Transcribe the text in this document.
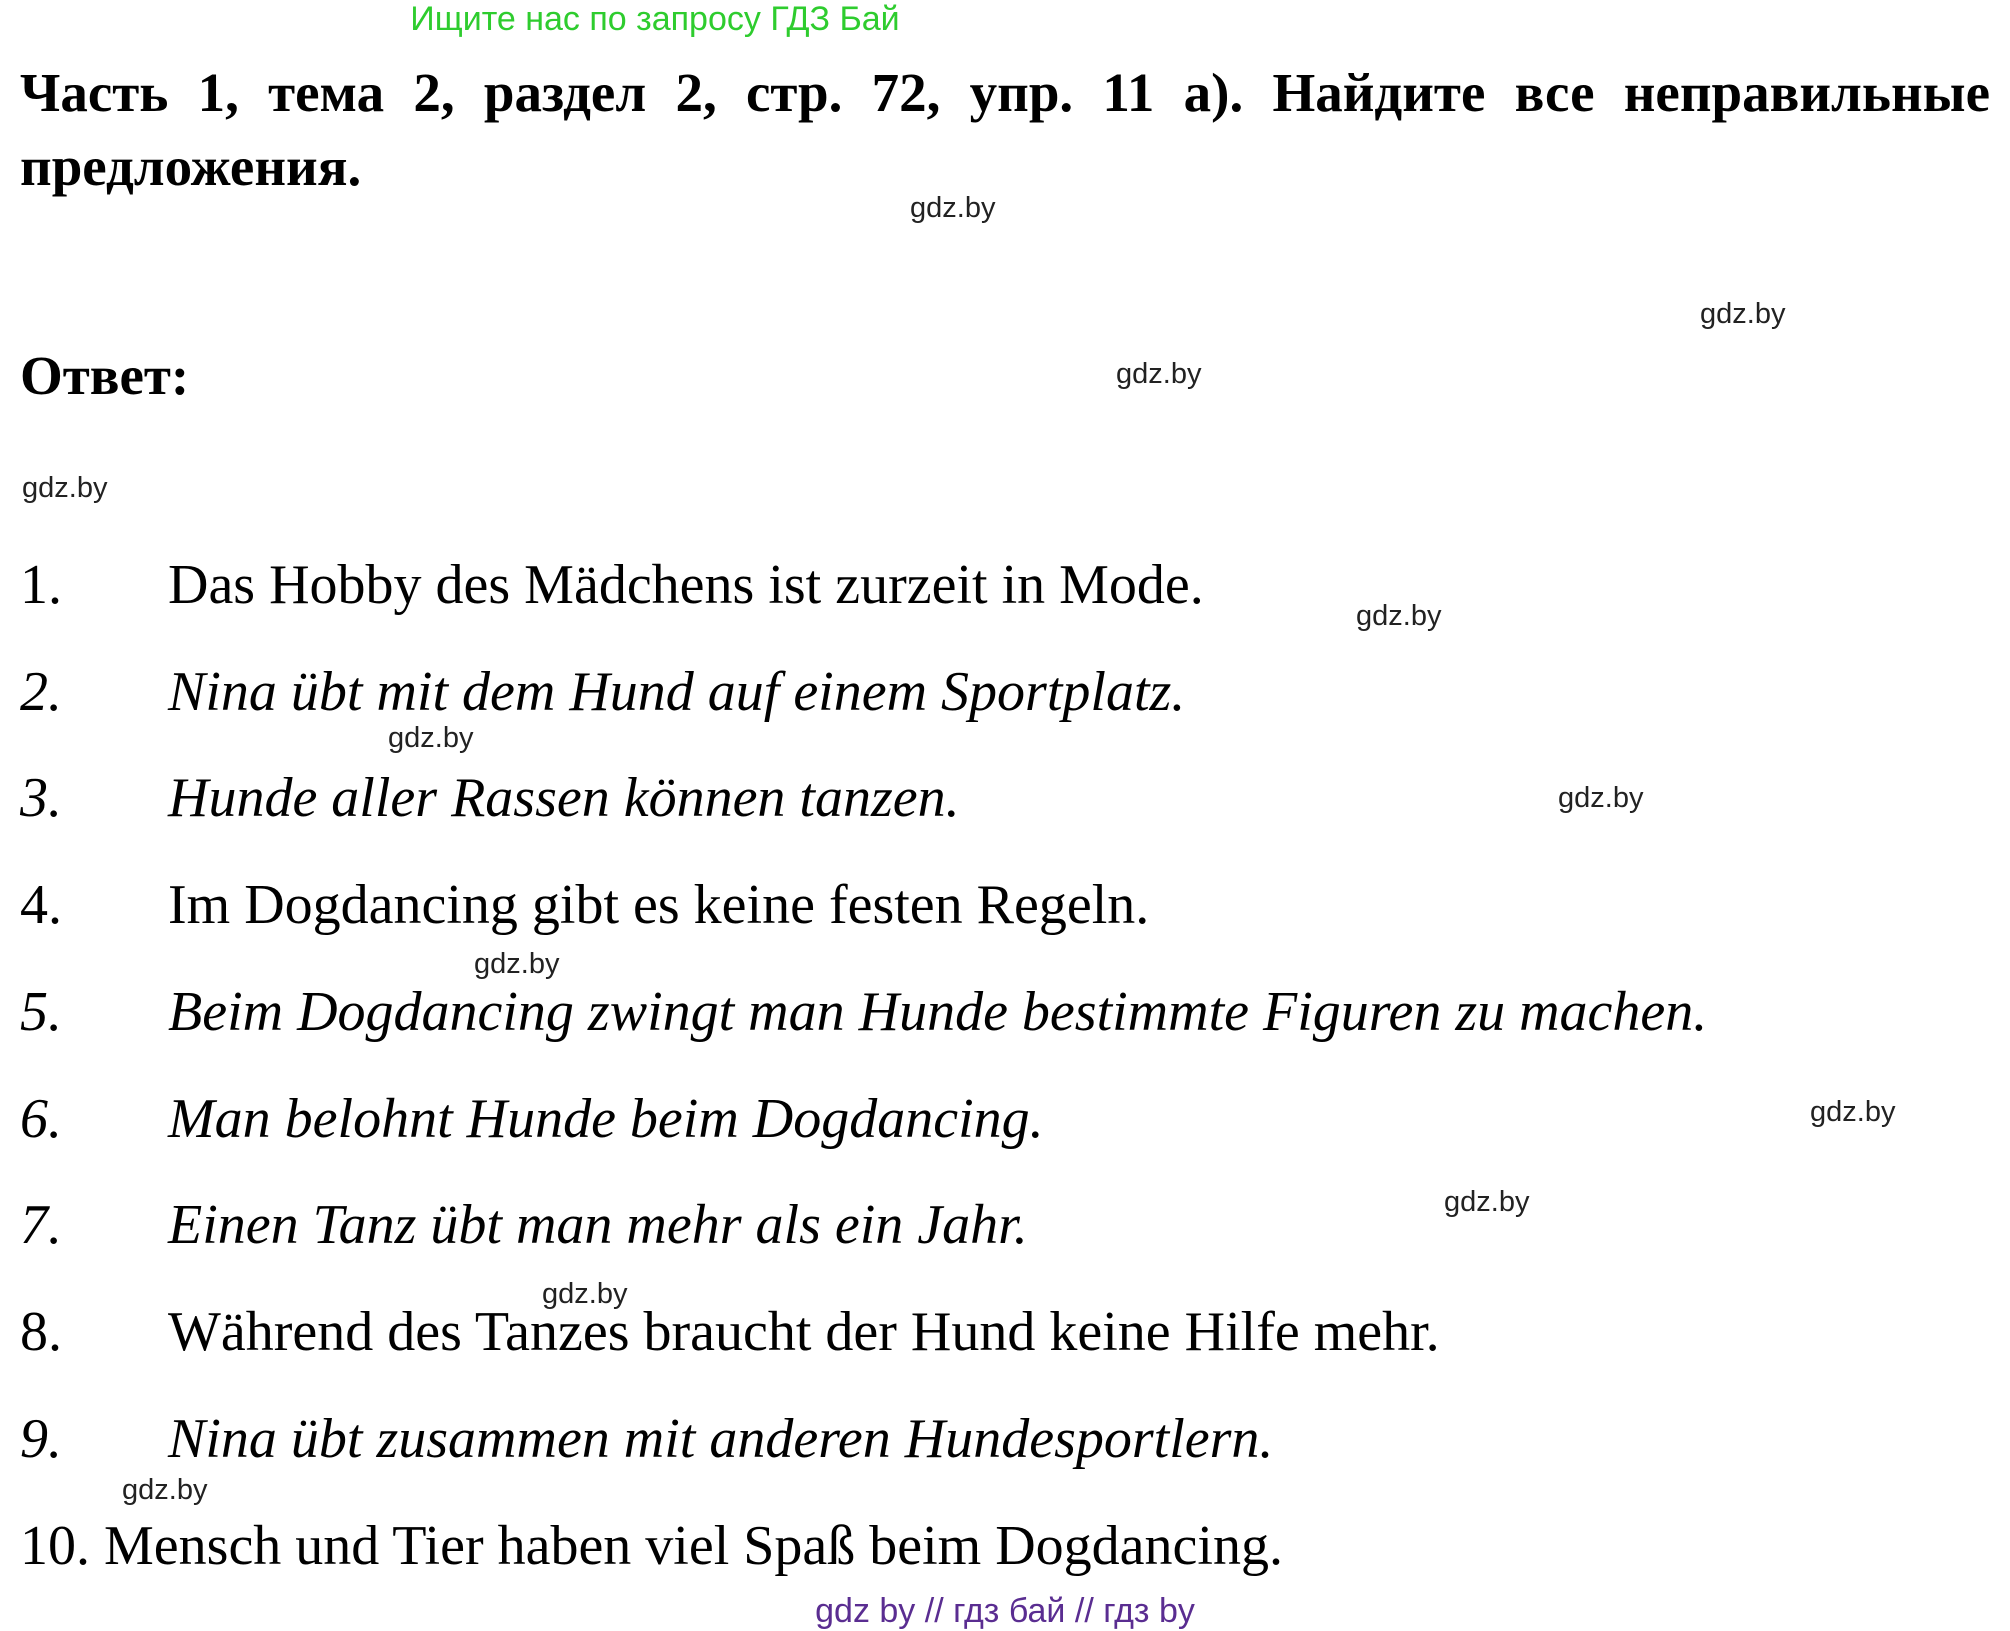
Ищите нас по запросу ГДЗ Бай
Часть 1, тема 2, раздел 2, стр. 72, упр. 11 а). Найдите все неправильные предложения.
gdz.by
gdz.by
Ответ:	gdz.by
gdz.by
1. Das Hobby des Mädchens ist zurzeit in Mode.	gdz.by
2. Nina übt mit dem Hund auf einem Sportplatz.
gdz.by
3. Hunde aller Rassen können tanzen.	gdz.by
4. Im Dogdancing gibt es keine festen Regeln.
gdz.by
5. Beim Dogdancing zwingt man Hunde bestimmte Figuren zu machen.
6. Man belohnt Hunde beim Dogdancing.	gdz.by
gdz.by
7. Einen Tanz übt man mehr als ein Jahr.
gdz.by
8. Während des Tanzes braucht der Hund keine Hilfe mehr.
9. Nina übt zusammen mit anderen Hundesportlern.
gdz.by
10. Mensch und Tier haben viel Spaß beim Dogdancing.
gdz by // гдз бай // гдз by
